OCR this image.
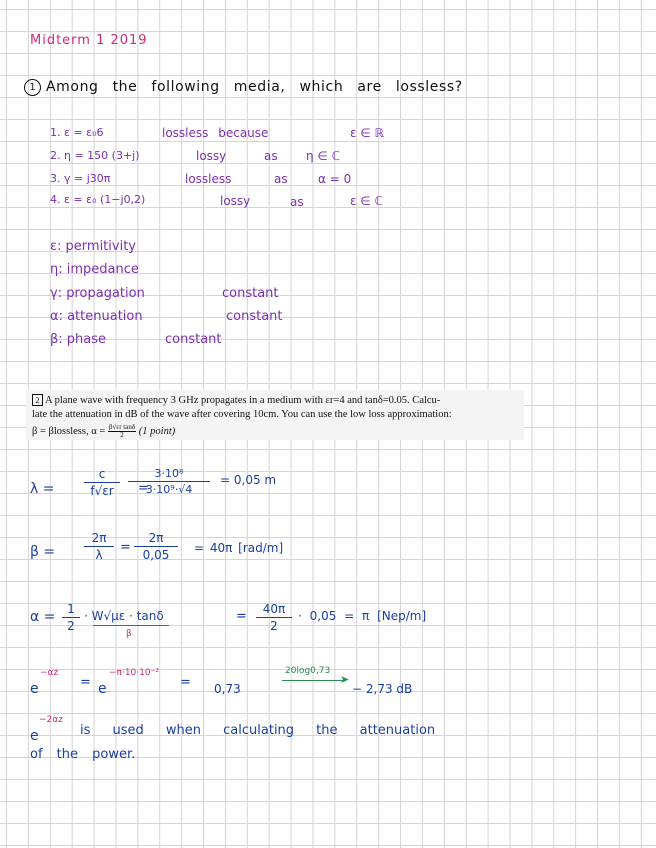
Midterm 1 2019
1 Among the following media, which are lossless?
1. ε = ε₀6	lossless because	ε ∈ ℝ
2. η = 150 (3+j)	lossy	as η ∈ ℂ
3. γ = j30π	lossless	as	α = 0
4. ε = ε₀ (1−j0,2)	lossy	as	ε ∈ ℂ
ε: permitivity
η: impedance
γ: propagation	constant
α: attenuation	constant
β: phase	constant
2 A plane wave with frequency 3 GHz propagates in a medium with εr=4 and tanδ=0.05. Calcu-
late the attenuation in dB of the wave after covering 10cm. You can use the low loss approximation:
β = βlossless, $\alpha = \frac{\text{β√εr tanδ}}{2} (1$ point)
$\lambda = \frac{c}{f√\varepsilon r}$ =
$\frac{\text{3·10⁸}}{\text{3·10⁹·√4}} = 0,05$ m
$\beta = \frac{2\pi}{\lambda} = \frac{2\pi}{0,05} = 40\pi$ [rad/m]
$\alpha = \frac{1}{2} \cdot W√\mu\varepsilon \cdot \tan\delta$
β
= $\frac{40\pi}{2} \cdot 0,05 = \pi$ [Nep/m]
e
−αz
= e
−π·10·10⁻²
= 0,73
20log0,73
➤
− 2,73 dB
e
−2αz
is used when calculating the attenuation
of the power.
